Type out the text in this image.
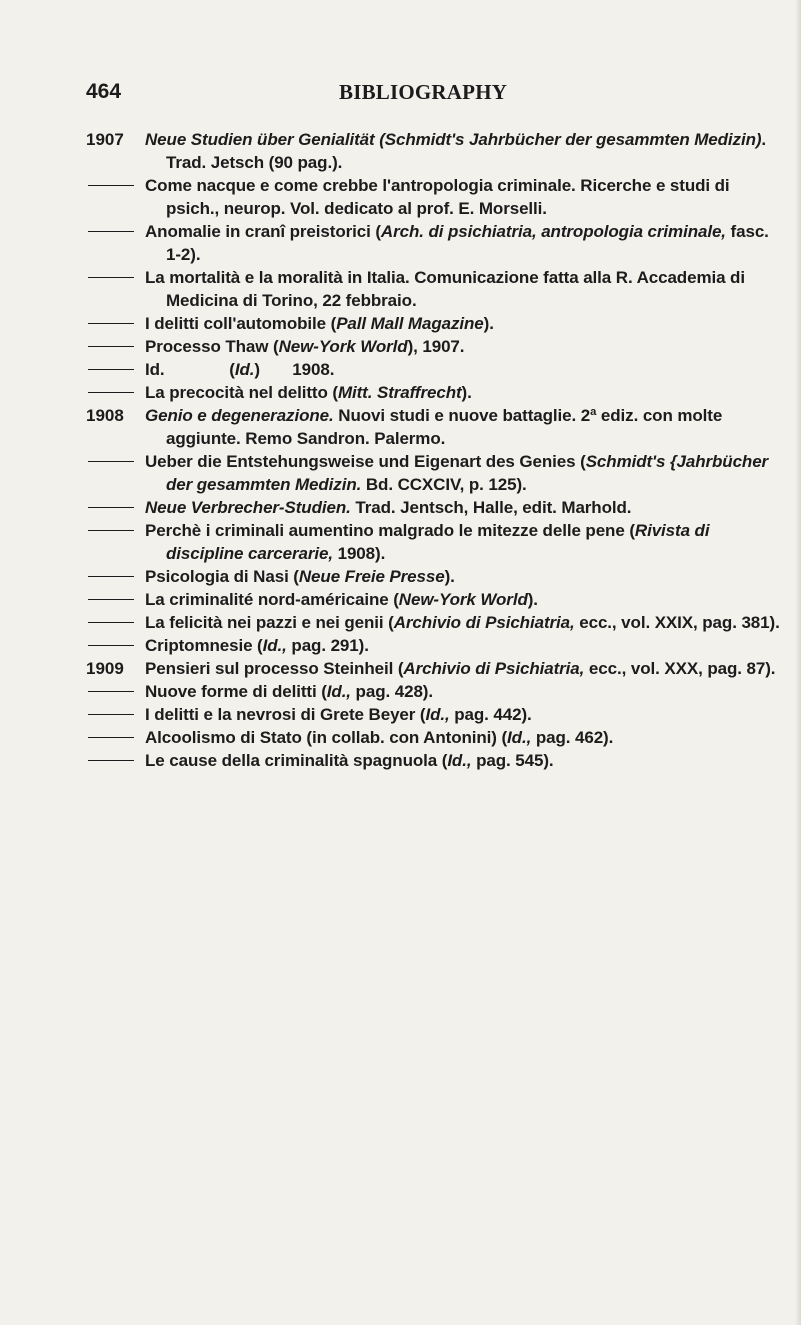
464	BIBLIOGRAPHY
1907 Neue Studien über Genialität (Schmidt's Jahrbücher der gesammten Medizin). Trad. Jetsch (90 pag.).
Come nacque e come crebbe l'antropologia criminale. Ricerche e studi di psich., neurop. Vol. dedicato al prof. E. Morselli.
Anomalie in cranî preistorici (Arch. di psichiatria, antropologia criminale, fasc. 1-2).
La mortalità e la moralità in Italia. Comunicazione fatta alla R. Accademia di Medicina di Torino, 22 febbraio.
I delitti coll'automobile (Pall Mall Magazine).
Processo Thaw (New-York World), 1907.
Id.              (Id.)       1908.
La precocità nel delitto (Mitt. Straffrecht).
1908 Genio e degenerazione. Nuovi studi e nuove battaglie. 2ª ediz. con molte aggiunte. Remo Sandron. Palermo.
Ueber die Entstehungsweise und Eigenart des Genies (Schmidt's {Jahrbücher der gesammten Medizin. Bd. CCXCIV, p. 125).
Neue Verbrecher-Studien. Trad. Jentsch, Halle, edit. Marhold.
Perchè i criminali aumentino malgrado le mitezze delle pene (Rivista di discipline carcerarie, 1908).
Psicologia di Nasi (Neue Freie Presse).
La criminalité nord-américaine (New-York World).
La felicità nei pazzi e nei genii (Archivio di Psichiatria, ecc., vol. XXIX, pag. 381).
Criptomnesie (Id., pag. 291).
1909 Pensieri sul processo Steinheil (Archivio di Psichiatria, ecc., vol. XXX, pag. 87).
Nuove forme di delitti (Id., pag. 428).
I delitti e la nevrosi di Grete Beyer (Id., pag. 442).
Alcoolismo di Stato (in collab. con Antonini) (Id., pag. 462).
Le cause della criminalità spagnuola (Id., pag. 545).
